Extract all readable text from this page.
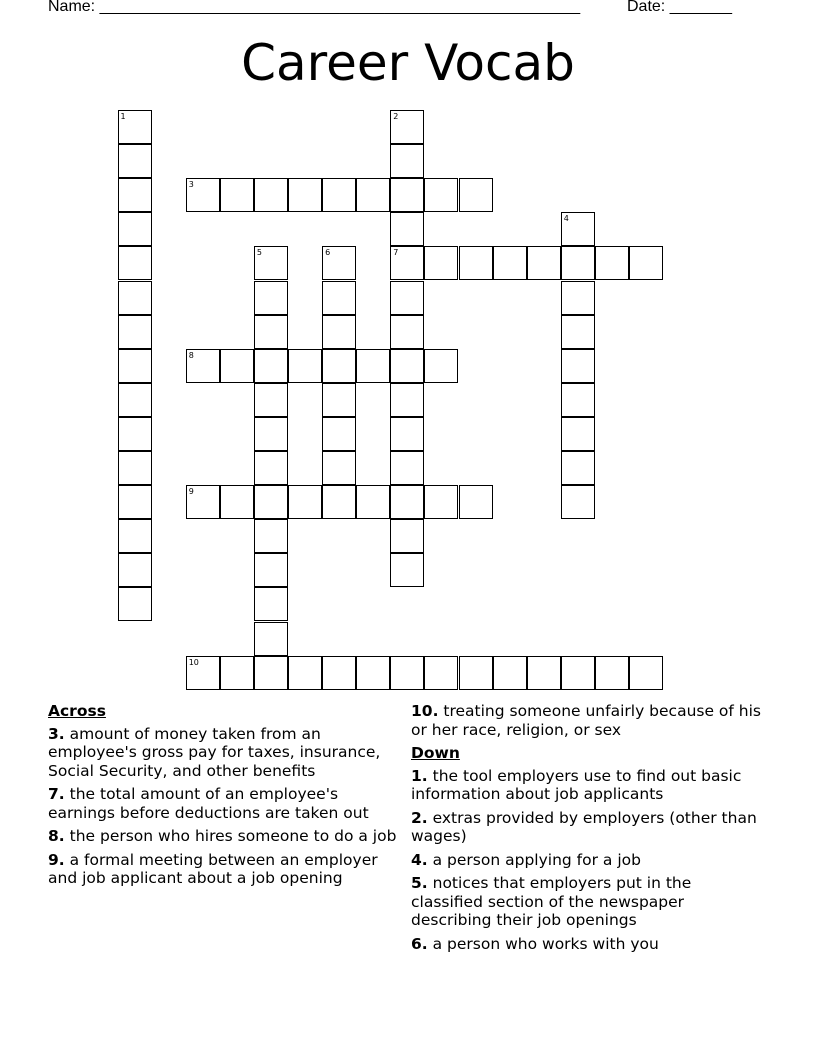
Name: ______________________________________________________	Date: _______
Career Vocab
1	2
7
3
4
5	6
8
9
10
Across
3. amount of money taken from an employee's gross pay for taxes, insurance, Social Security, and other benefits
7. the total amount of an employee's earnings before deductions are taken out
8. the person who hires someone to do a job
9. a formal meeting between an employer and job applicant about a job opening
10. treating someone unfairly because of his or her race, religion, or sex
Down
1. the tool employers use to find out basic information about job applicants
2. extras provided by employers (other than wages)
4. a person applying for a job
5. notices that employers put in the classified section of the newspaper describing their job openings
6. a person who works with you
